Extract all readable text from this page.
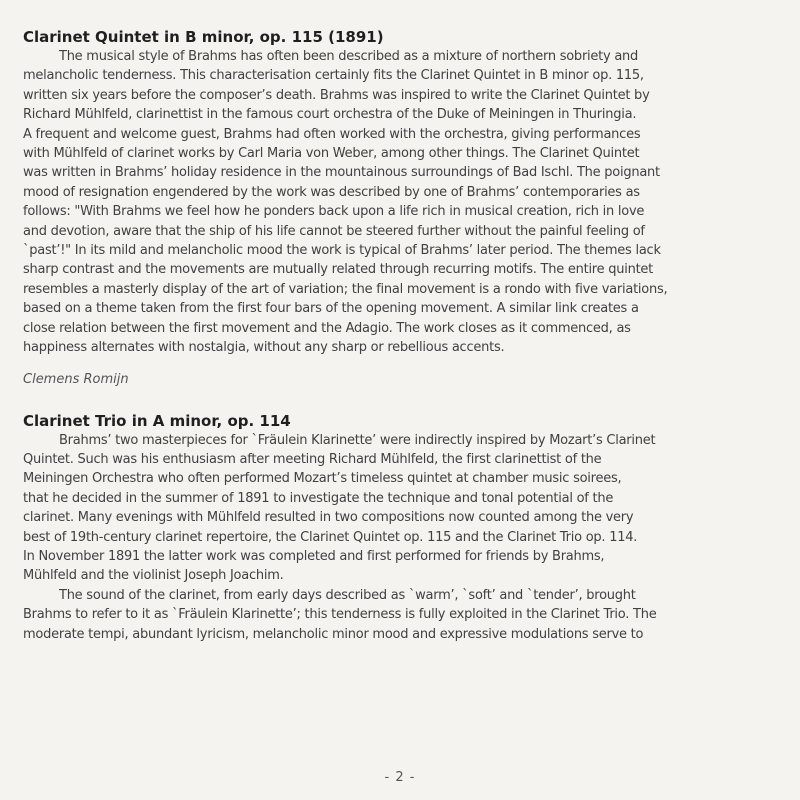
Clarinet Quintet in B minor, op. 115 (1891)

The musical style of Brahms has often been described as a mixture of northern sobriety and
melancholic tenderness. This characterisation certainly fits the Clarinet Quintet in B minor op. 115,
written six years before the composer’s death. Brahms was inspired to write the Clarinet Quintet by
Richard Mühlfeld, clarinettist in the famous court orchestra of the Duke of Meiningen in Thuringia.
A frequent and welcome guest, Brahms had often worked with the orchestra, giving performances
with Mühlfeld of clarinet works by Carl Maria von Weber, among other things. The Clarinet Quintet
was written in Brahms’ holiday residence in the mountainous surroundings of Bad Ischl. The poignant
mood of resignation engendered by the work was described by one of Brahms’ contemporaries as
follows: "With Brahms we feel how he ponders back upon a life rich in musical creation, rich in love
and devotion, aware that the ship of his life cannot be steered further without the painful feeling of
`past’!" In its mild and melancholic mood the work is typical of Brahms’ later period. The themes lack
sharp contrast and the movements are mutually related through recurring motifs. The entire quintet
resembles a masterly display of the art of variation; the final movement is a rondo with five variations,
based on a theme taken from the first four bars of the opening movement. A similar link creates a
close relation between the first movement and the Adagio. The work closes as it commenced, as
happiness alternates with nostalgia, without any sharp or rebellious accents.

Clemens Romijn

Clarinet Trio in A minor, op. 114

Brahms’ two masterpieces for `Fräulein Klarinette’ were indirectly inspired by Mozart’s Clarinet
Quintet. Such was his enthusiasm after meeting Richard Mühlfeld, the first clarinettist of the
Meiningen Orchestra who often performed Mozart’s timeless quintet at chamber music soirees,
that he decided in the summer of 1891 to investigate the technique and tonal potential of the
clarinet. Many evenings with Mühlfeld resulted in two compositions now counted among the very
best of 19th-century clarinet repertoire, the Clarinet Quintet op. 115 and the Clarinet Trio op. 114.
In November 1891 the latter work was completed and first performed for friends by Brahms,
Mühlfeld and the violinist Joseph Joachim.

The sound of the clarinet, from early days described as `warm’, `soft’ and `tender’, brought
Brahms to refer to it as `Fräulein Klarinette’; this tenderness is fully exploited in the Clarinet Trio. The
moderate tempi, abundant lyricism, melancholic minor mood and expressive modulations serve to

- 2 -
